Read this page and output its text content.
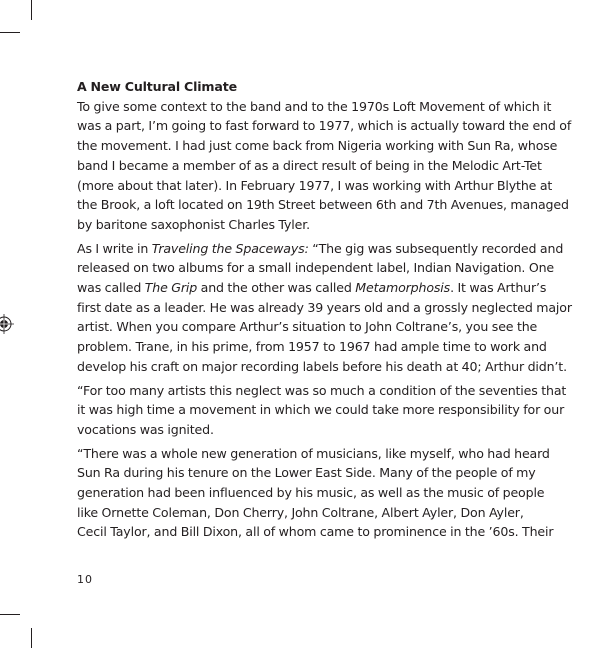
A New Cultural Climate

To give some context to the band and to the 1970s Loft Movement of which it
was a part, I’m going to fast forward to 1977, which is actually toward the end of
the movement. I had just come back from Nigeria working with Sun Ra, whose
band I became a member of as a direct result of being in the Melodic Art-Tet
(more about that later). In February 1977, I was working with Arthur Blythe at
the Brook, a loft located on 19th Street between 6th and 7th Avenues, managed
by baritone saxophonist Charles Tyler.

As I write in Traveling the Spaceways: “The gig was subsequently recorded and
released on two albums for a small independent label, Indian Navigation. One
was called The Grip and the other was called Metamorphosis. It was Arthur’s
first date as a leader. He was already 39 years old and a grossly neglected major
artist. When you compare Arthur’s situation to John Coltrane’s, you see the
problem. Trane, in his prime, from 1957 to 1967 had ample time to work and
develop his craft on major recording labels before his death at 40; Arthur didn’t.

“For too many artists this neglect was so much a condition of the seventies that
it was high time a movement in which we could take more responsibility for our
vocations was ignited.

“There was a whole new generation of musicians, like myself, who had heard
Sun Ra during his tenure on the Lower East Side. Many of the people of my
generation had been influenced by his music, as well as the music of people
like Ornette Coleman, Don Cherry, John Coltrane, Albert Ayler, Don Ayler,
Cecil Taylor, and Bill Dixon, all of whom came to prominence in the ’60s. Their

10
